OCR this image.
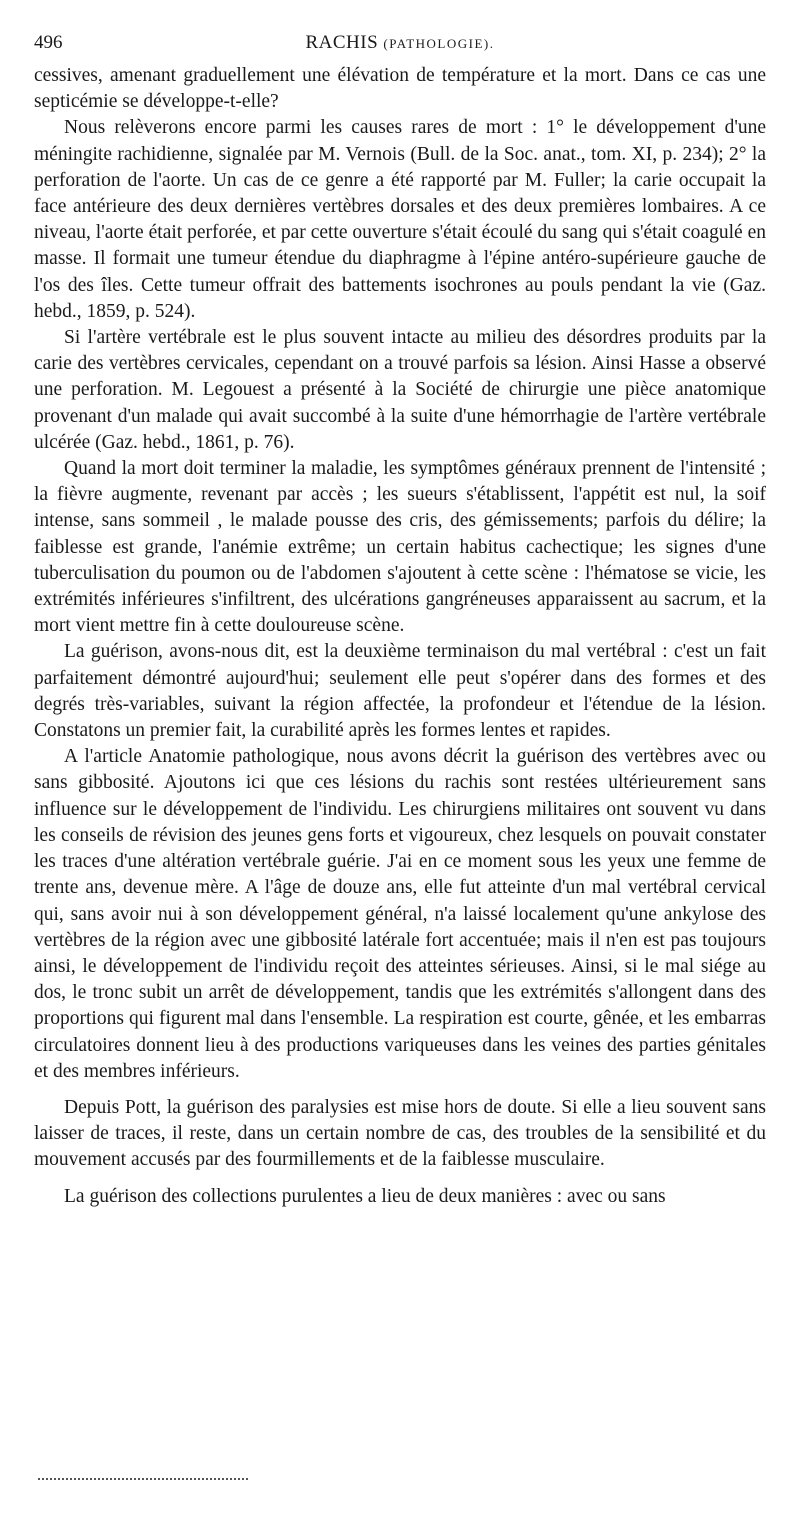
496	RACHIS (PATHOLOGIE).

cessives, amenant graduellement une élévation de température et la mort. Dans ce cas une septicémie se développe-t-elle?

Nous relèverons encore parmi les causes rares de mort : 1° le développement d'une méningite rachidienne, signalée par M. Vernois (Bull. de la Soc. anat., tom. XI, p. 234); 2° la perforation de l'aorte. Un cas de ce genre a été rapporté par M. Fuller; la carie occupait la face antérieure des deux dernières vertèbres dorsales et des deux premières lombaires. A ce niveau, l'aorte était perforée, et par cette ouverture s'était écoulé du sang qui s'était coagulé en masse. Il formait une tumeur étendue du diaphragme à l'épine antéro-supérieure gauche de l'os des îles. Cette tumeur offrait des battements isochrones au pouls pendant la vie (Gaz. hebd., 1859, p. 524).

Si l'artère vertébrale est le plus souvent intacte au milieu des désordres produits par la carie des vertèbres cervicales, cependant on a trouvé parfois sa lésion. Ainsi Hasse a observé une perforation. M. Legouest a présenté à la Société de chirurgie une pièce anatomique provenant d'un malade qui avait succombé à la suite d'une hémorrhagie de l'artère vertébrale ulcérée (Gaz. hebd., 1861, p. 76).

Quand la mort doit terminer la maladie, les symptômes généraux prennent de l'intensité ; la fièvre augmente, revenant par accès ; les sueurs s'établissent, l'appétit est nul, la soif intense, sans sommeil , le malade pousse des cris, des gémissements; parfois du délire; la faiblesse est grande, l'anémie extrême; un certain habitus cachectique; les signes d'une tuberculisation du poumon ou de l'abdomen s'ajoutent à cette scène : l'hématose se vicie, les extrémités inférieures s'infiltrent, des ulcérations gangréneuses apparaissent au sacrum, et la mort vient mettre fin à cette douloureuse scène.

La guérison, avons-nous dit, est la deuxième terminaison du mal vertébral : c'est un fait parfaitement démontré aujourd'hui; seulement elle peut s'opérer dans des formes et des degrés très-variables, suivant la région affectée, la profondeur et l'étendue de la lésion. Constatons un premier fait, la curabilité après les formes lentes et rapides.

A l'article Anatomie pathologique, nous avons décrit la guérison des vertèbres avec ou sans gibbosité. Ajoutons ici que ces lésions du rachis sont restées ultérieurement sans influence sur le développement de l'individu. Les chirurgiens militaires ont souvent vu dans les conseils de révision des jeunes gens forts et vigoureux, chez lesquels on pouvait constater les traces d'une altération vertébrale guérie. J'ai en ce moment sous les yeux une femme de trente ans, devenue mère. A l'âge de douze ans, elle fut atteinte d'un mal vertébral cervical qui, sans avoir nui à son développement général, n'a laissé localement qu'une ankylose des vertèbres de la région avec une gibbosité latérale fort accentuée; mais il n'en est pas toujours ainsi, le développement de l'individu reçoit des atteintes sérieuses. Ainsi, si le mal siége au dos, le tronc subit un arrêt de développement, tandis que les extrémités s'allongent dans des proportions qui figurent mal dans l'ensemble. La respiration est courte, gênée, et les embarras circulatoires donnent lieu à des productions variqueuses dans les veines des parties génitales et des membres inférieurs.

Depuis Pott, la guérison des paralysies est mise hors de doute. Si elle a lieu souvent sans laisser de traces, il reste, dans un certain nombre de cas, des troubles de la sensibilité et du mouvement accusés par des fourmillements et de la faiblesse musculaire.

La guérison des collections purulentes a lieu de deux manières : avec ou sans
